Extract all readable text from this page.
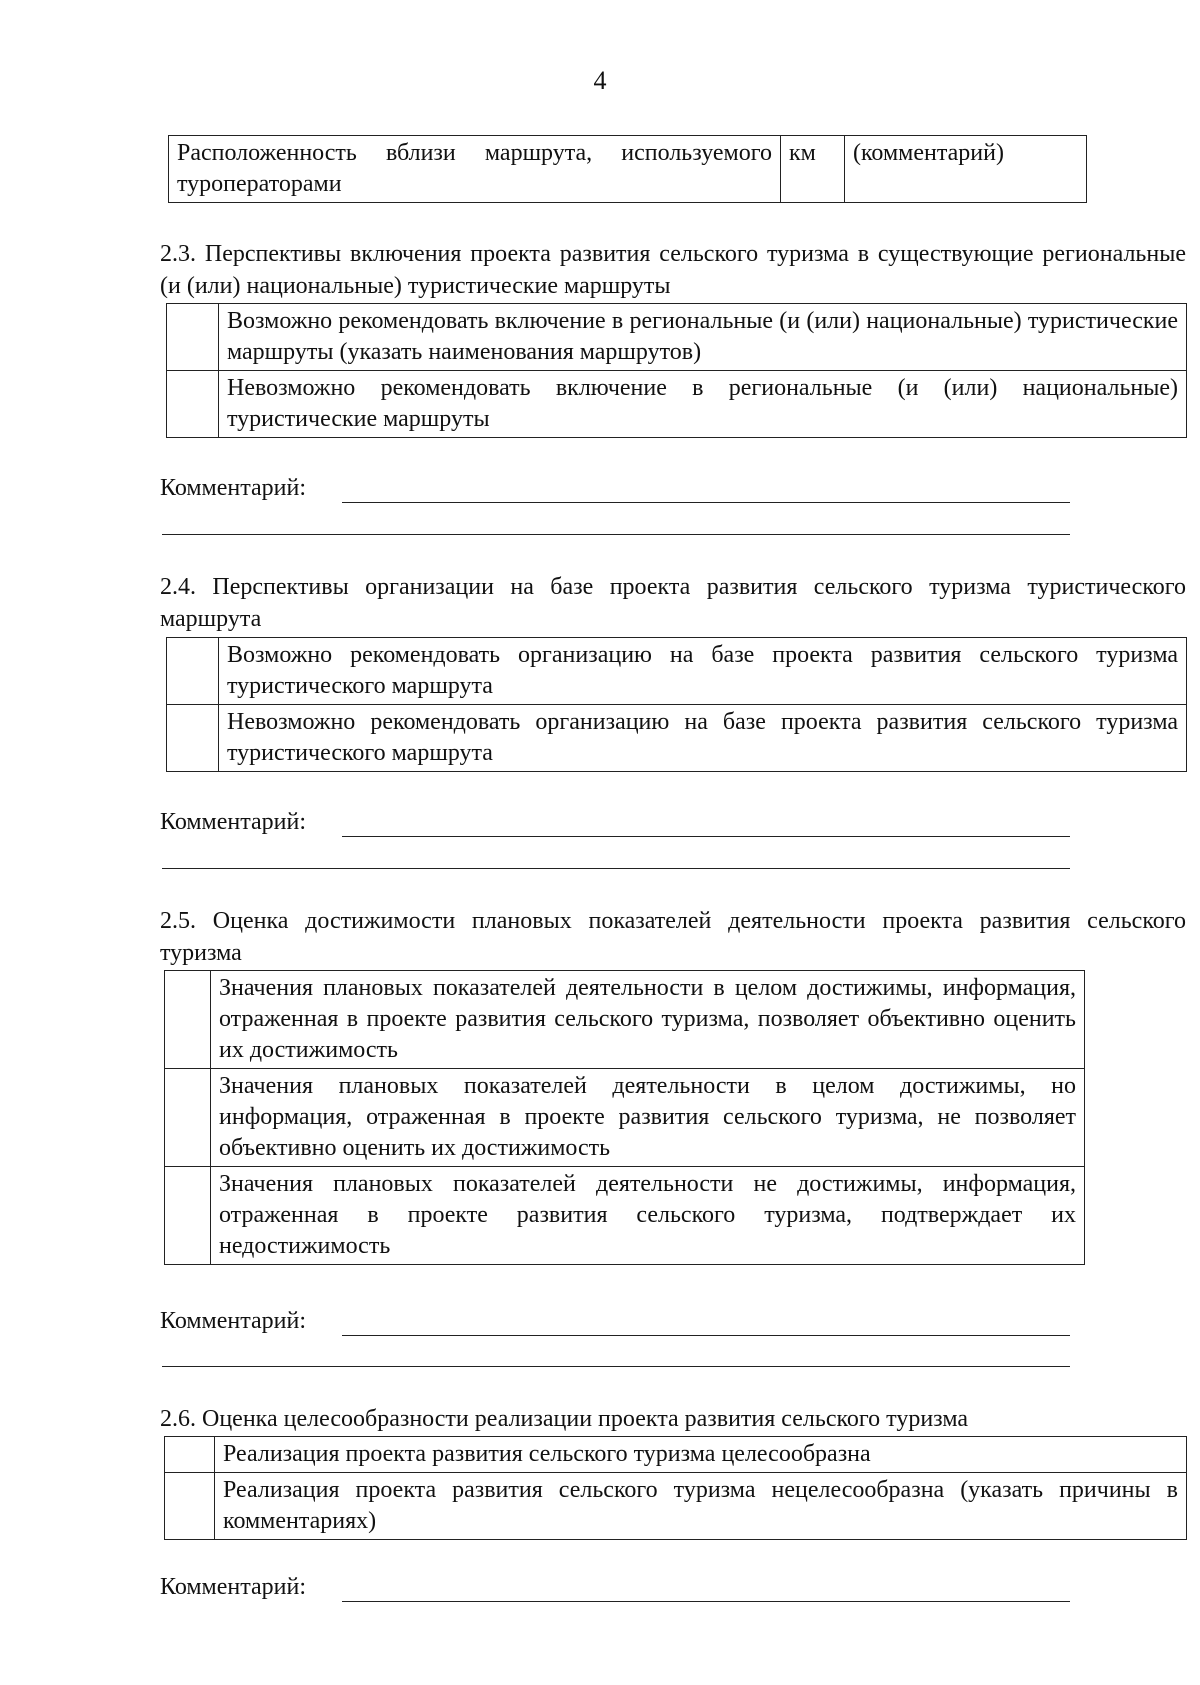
4
Расположенность вблизи маршрута, используемого туроператорами	км	(комментарий)

2.3. Перспективы включения проекта развития сельского туризма в существующие региональные (и (или) национальные) туристические маршруты

	Возможно рекомендовать включение в региональные (и (или) национальные) туристические маршруты (указать наименования маршрутов)
	Невозможно рекомендовать включение в региональные (и (или) национальные) туристические маршруты
Комментарий:

2.4. Перспективы организации на базе проекта развития сельского туризма туристического маршрута

	Возможно рекомендовать организацию на базе проекта развития сельского туризма туристического маршрута
	Невозможно рекомендовать организацию на базе проекта развития сельского туризма туристического маршрута
Комментарий:

2.5. Оценка достижимости плановых показателей деятельности проекта развития сельского туризма

	Значения плановых показателей деятельности в целом достижимы, информация, отраженная в проекте развития сельского туризма, позволяет объективно оценить их достижимость
	Значения плановых показателей деятельности в целом достижимы, но информация, отраженная в проекте развития сельского туризма, не позволяет объективно оценить их достижимость
	Значения плановых показателей деятельности не достижимы, информация, отраженная в проекте развития сельского туризма, подтверждает их недостижимость
Комментарий:

2.6. Оценка целесообразности реализации проекта развития сельского туризма

	Реализация проекта развития сельского туризма целесообразна
	Реализация проекта развития сельского туризма нецелесообразна (указать причины в комментариях)
Комментарий:
